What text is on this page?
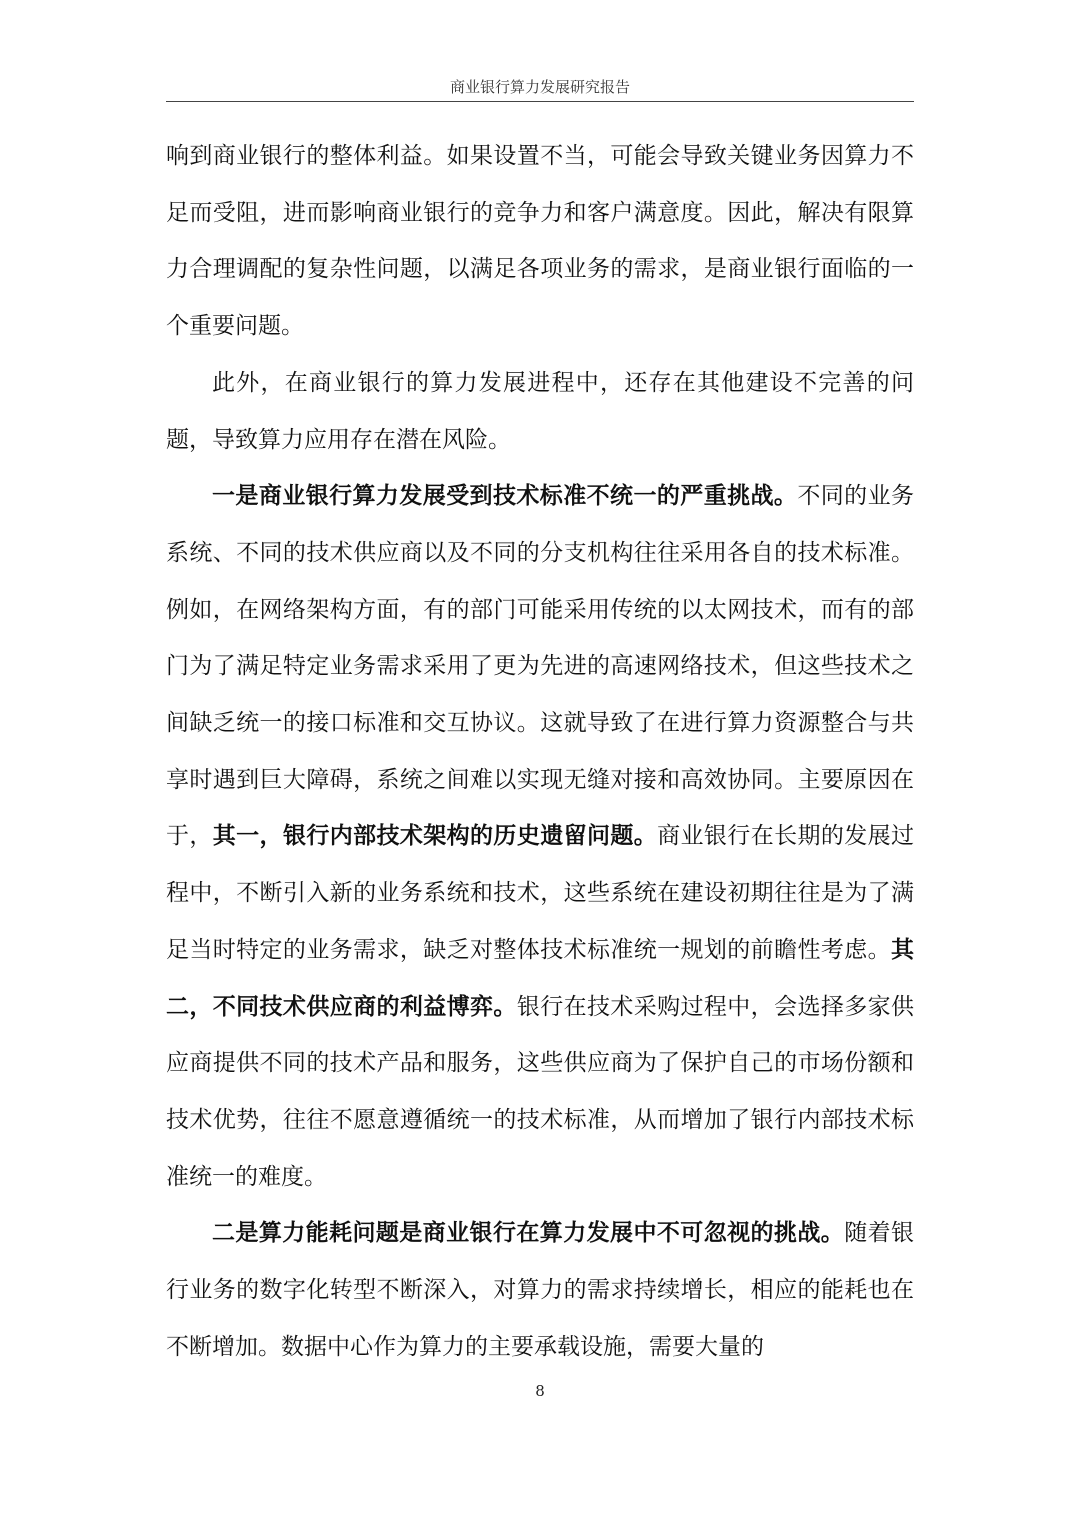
商业银行算力发展研究报告

响到商业银行的整体利益。如果设置不当，可能会导致关键业务因算力不足而受阻，进而影响商业银行的竞争力和客户满意度。因此，解决有限算力合理调配的复杂性问题，以满足各项业务的需求，是商业银行面临的一个重要问题。

此外，在商业银行的算力发展进程中，还存在其他建设不完善的问题，导致算力应用存在潜在风险。

一是商业银行算力发展受到技术标准不统一的严重挑战。不同的业务系统、不同的技术供应商以及不同的分支机构往往采用各自的技术标准。例如，在网络架构方面，有的部门可能采用传统的以太网技术，而有的部门为了满足特定业务需求采用了更为先进的高速网络技术，但这些技术之间缺乏统一的接口标准和交互协议。这就导致了在进行算力资源整合与共享时遇到巨大障碍，系统之间难以实现无缝对接和高效协同。主要原因在于，其一，银行内部技术架构的历史遗留问题。商业银行在长期的发展过程中，不断引入新的业务系统和技术，这些系统在建设初期往往是为了满足当时特定的业务需求，缺乏对整体技术标准统一规划的前瞻性考虑。其二，不同技术供应商的利益博弈。银行在技术采购过程中，会选择多家供应商提供不同的技术产品和服务，这些供应商为了保护自己的市场份额和技术优势，往往不愿意遵循统一的技术标准，从而增加了银行内部技术标准统一的难度。

二是算力能耗问题是商业银行在算力发展中不可忽视的挑战。随着银行业务的数字化转型不断深入，对算力的需求持续增长，相应的能耗也在不断增加。数据中心作为算力的主要承载设施，需要大量的

8
